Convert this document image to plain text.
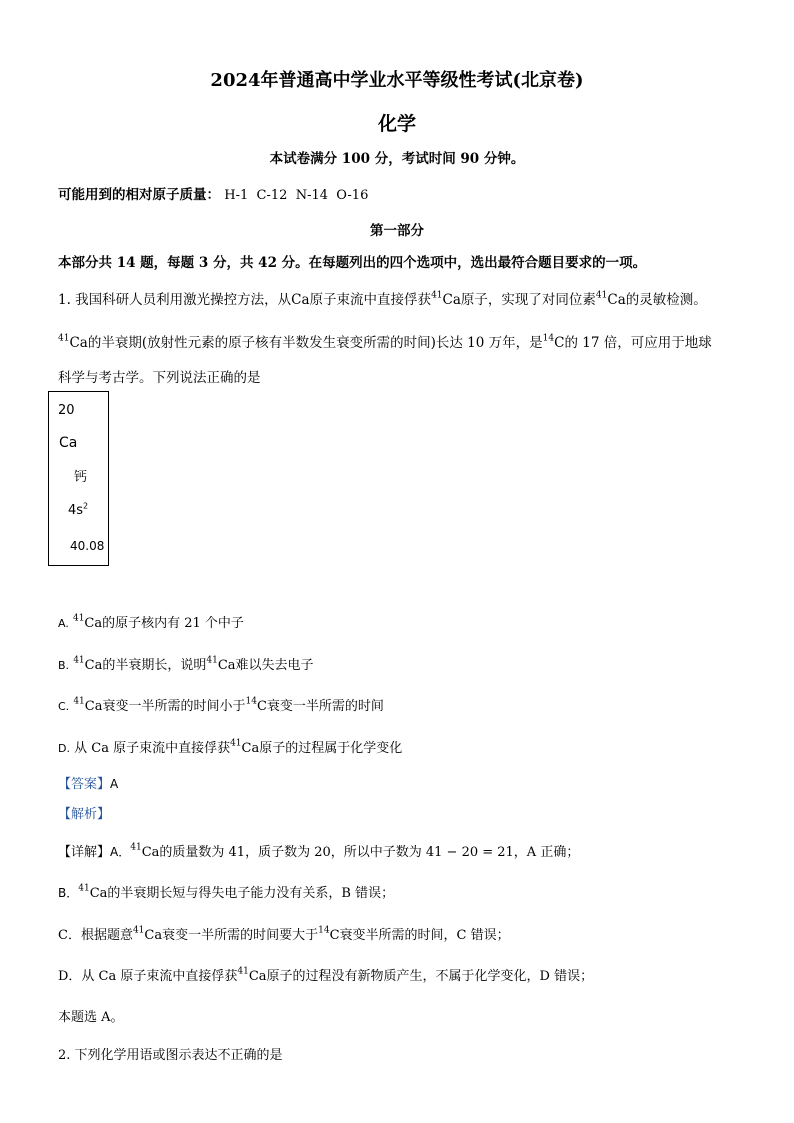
2024年普通高中学业水平等级性考试(北京卷)
化学
本试卷满分 100 分，考试时间 90 分钟。
可能用到的相对原子质量： H-1  C-12  N-14  O-16
第一部分
本部分共 14 题，每题 3 分，共 42 分。在每题列出的四个选项中，选出最符合题目要求的一项。
1. 我国科研人员利用激光操控方法，从Ca原子束流中直接俘获$^{41}$Ca原子，实现了对同位素$^{41}$Ca的灵敏检测。
$^{41}$Ca的半衰期(放射性元素的原子核有半数发生衰变所需的时间)长达 10 万年，是$^{14}$C的 17 倍，可应用于地球
科学与考古学。下列说法正确的是
20
Ca
钙
$4s^2$
40.08
A. $^{41}$Ca的原子核内有 21 个中子
B. $^{41}$Ca的半衰期长，说明$^{41}$Ca难以失去电子
C. $^{41}$Ca衰变一半所需的时间小于$^{14}$C衰变一半所需的时间
D. 从 Ca 原子束流中直接俘获$^{41}$Ca原子的过程属于化学变化
【答案】A
【解析】
【详解】A．$^{41}$Ca的质量数为 41，质子数为 20，所以中子数为 41 − 20 = 21，A 正确；
B．$^{41}$Ca的半衰期长短与得失电子能力没有关系，B 错误；
C．根据题意$^{41}$Ca衰变一半所需的时间要大于$^{14}$C衰变半所需的时间，C 错误；
D．从 Ca 原子束流中直接俘获$^{41}$Ca原子的过程没有新物质产生，不属于化学变化，D 错误；
本题选 A。
2. 下列化学用语或图示表达不正确的是
